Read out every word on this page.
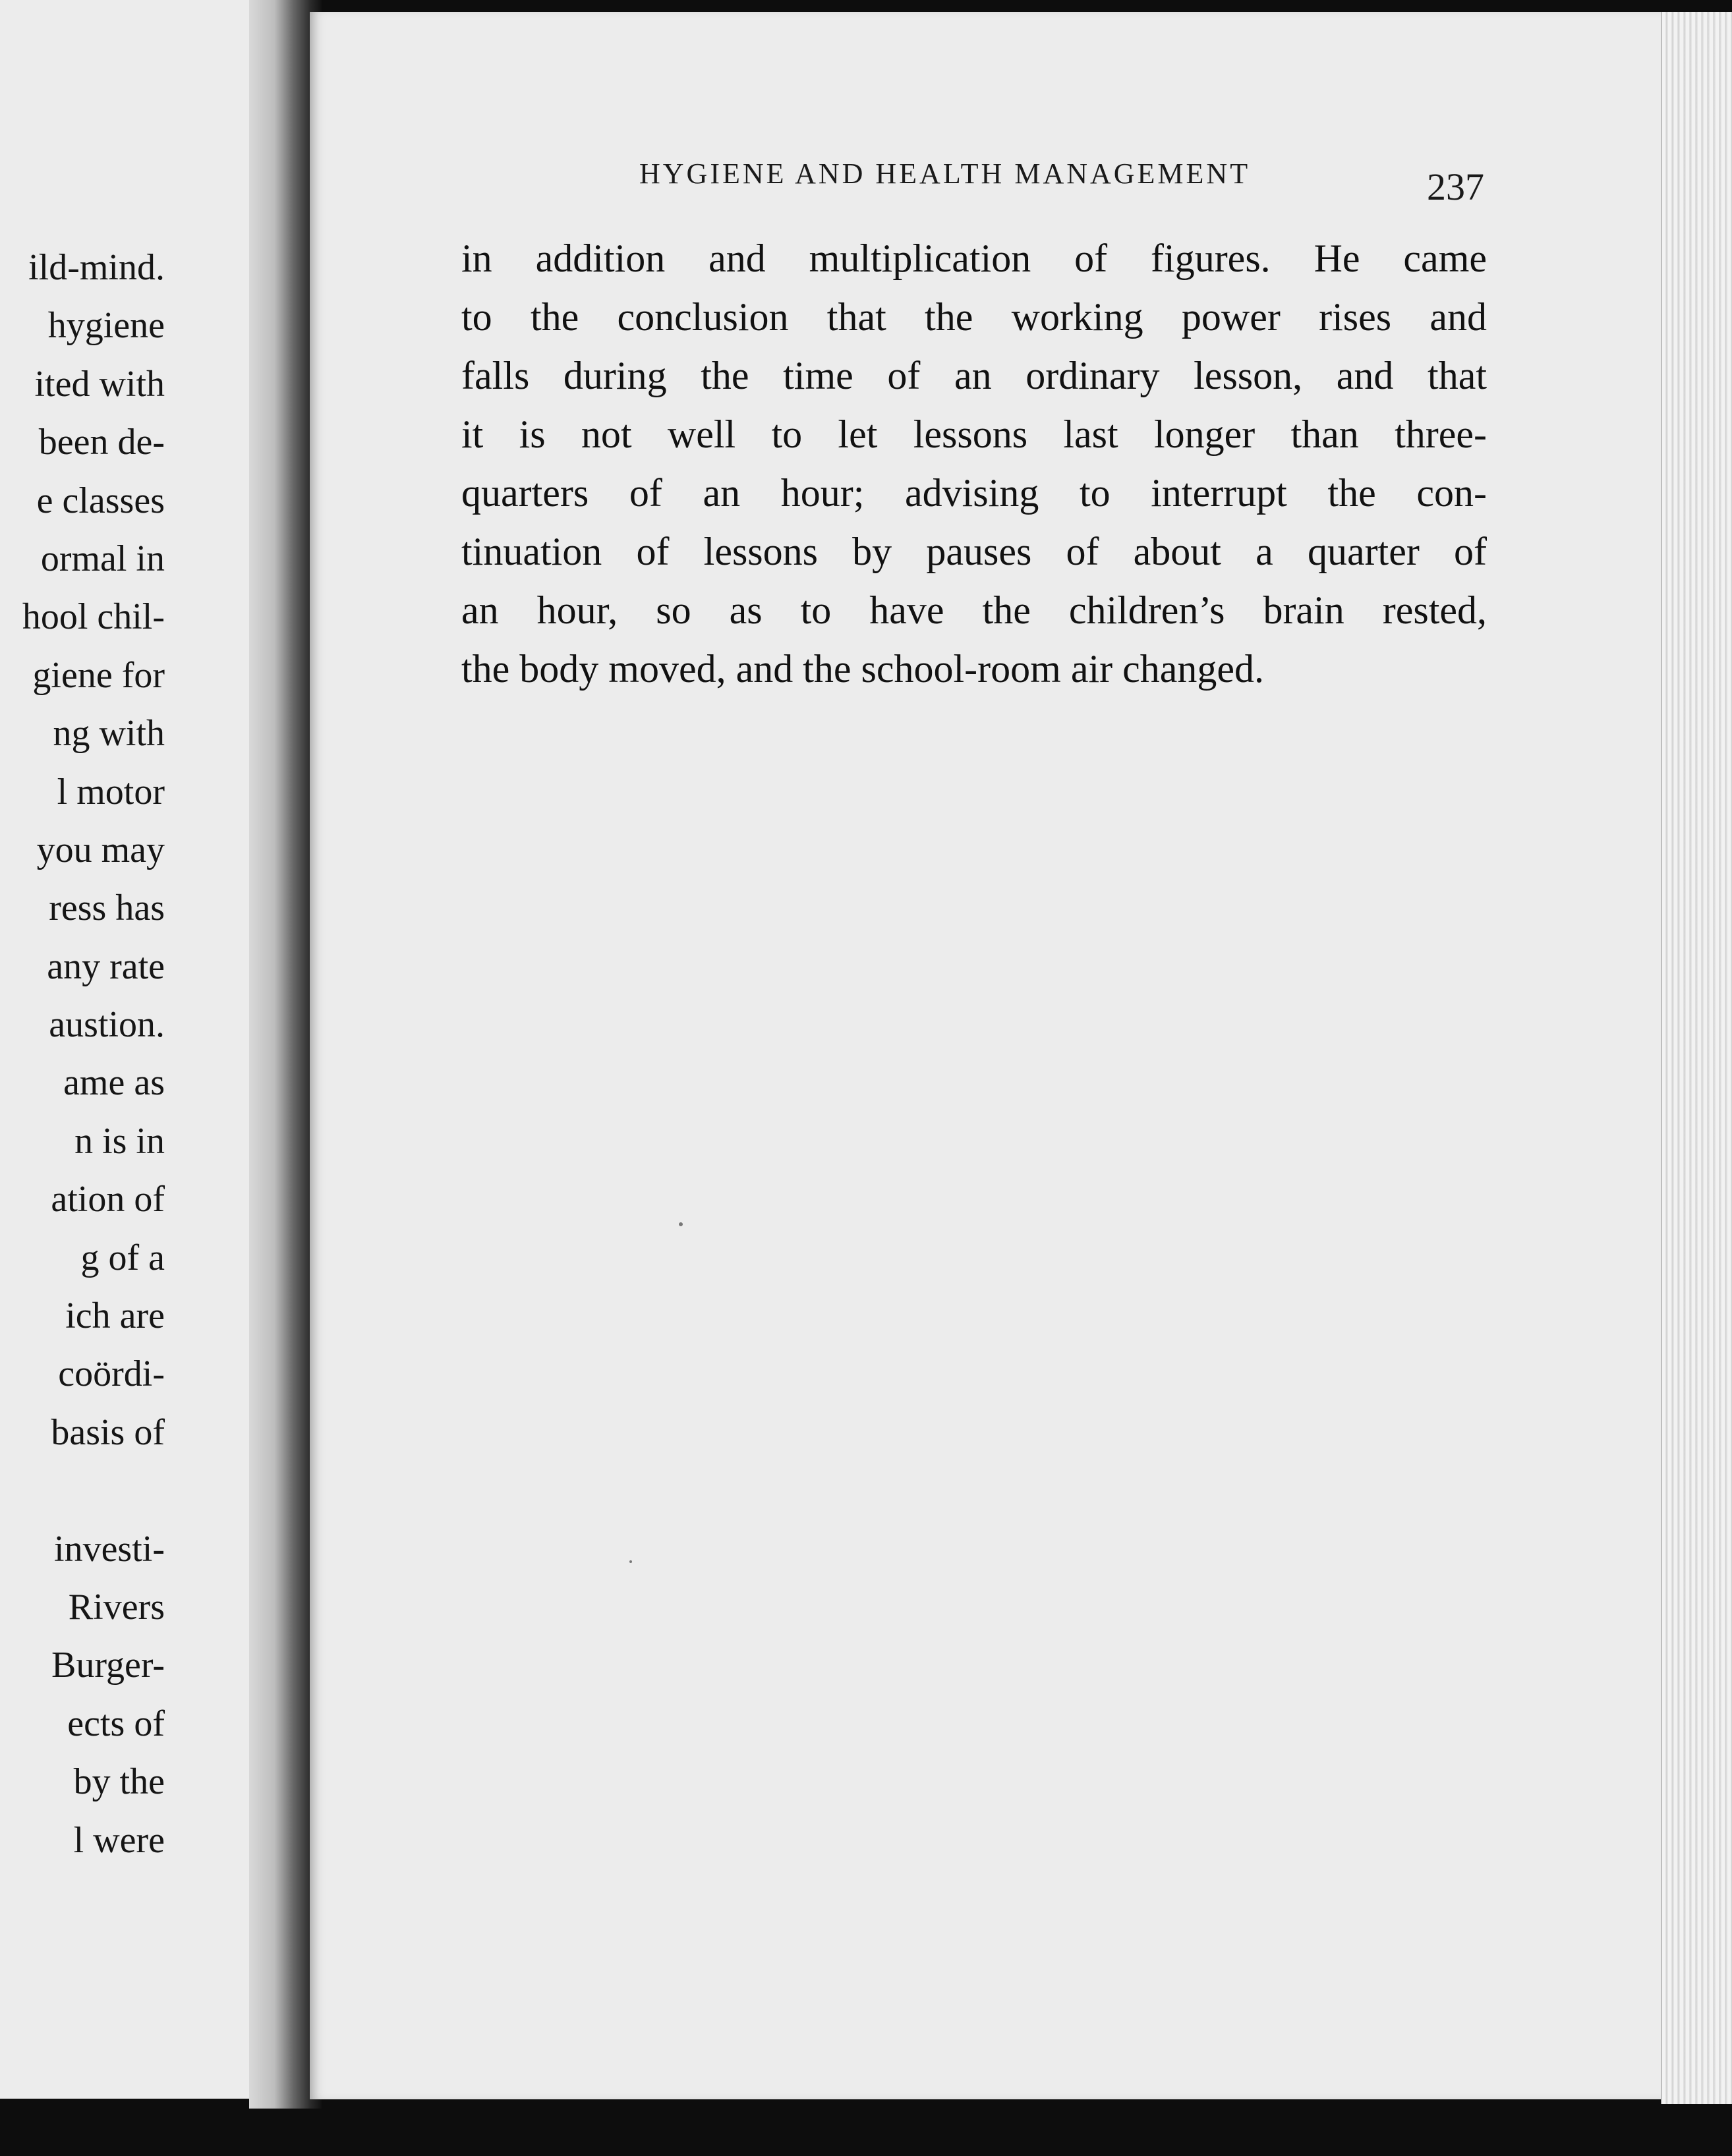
ild-mind.
hygiene
ited with
been de-
e classes
ormal in
hool chil-
giene for
ng with
l motor
you may
ress has
any rate
austion.
ame as
n is in
ation of
g of a
ich are
coördi-
basis of
investi-
Rivers
Burger-
ects of
by the
l were
HYGIENE AND HEALTH MANAGEMENT	237
in addition and multiplication of figures. He came
to the conclusion that the working power rises and
falls during the time of an ordinary lesson, and that
it is not well to let lessons last longer than three-
quarters of an hour; advising to interrupt the con-
tinuation of lessons by pauses of about a quarter of
an hour, so as to have the children’s brain rested,
the body moved, and the school-room air changed.
